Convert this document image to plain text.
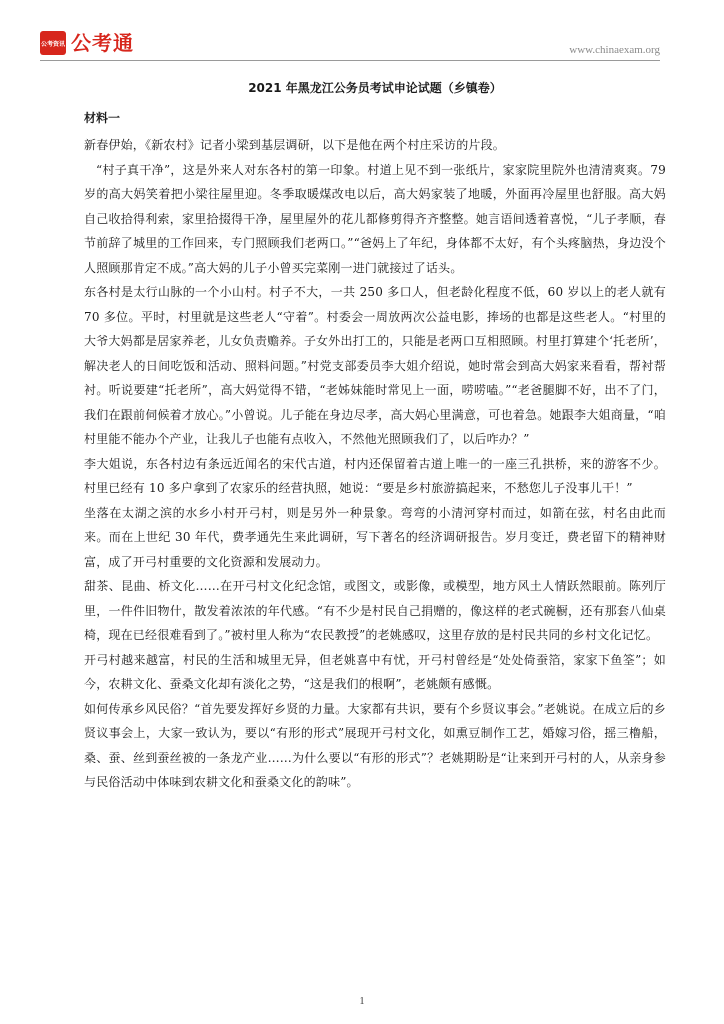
公考资讯 公考通	www.chinaexam.org
2021 年黑龙江公务员考试申论试题（乡镇卷）
材料一

新春伊始，《新农村》记者小梁到基层调研，以下是他在两个村庄采访的片段。

“村子真干净”，这是外来人对东各村的第一印象。村道上见不到一张纸片，家家院里院外也清清爽爽。79 岁的高大妈笑着把小梁往屋里迎。冬季取暖煤改电以后，高大妈家装了地暖，外面再冷屋里也舒服。高大妈自己收拾得利索，家里拾掇得干净，屋里屋外的花儿都修剪得齐齐整整。她言语间透着喜悦，“儿子孝顺，春节前辞了城里的工作回来，专门照顾我们老两口。”“爸妈上了年纪，身体都不太好，有个头疼脑热，身边没个人照顾那肯定不成。”高大妈的儿子小曾买完菜刚一进门就接过了话头。

东各村是太行山脉的一个小山村。村子不大，一共 250 多口人，但老龄化程度不低，60 岁以上的老人就有 70 多位。平时，村里就是这些老人“守着”。村委会一周放两次公益电影，捧场的也都是这些老人。“村里的大爷大妈都是居家养老，儿女负责赡养。子女外出打工的，只能是老两口互相照顾。村里打算建个‘托老所’，解决老人的日间吃饭和活动、照料问题。”村党支部委员李大姐介绍说，她时常会到高大妈家来看看，帮衬帮衬。听说要建“托老所”，高大妈觉得不错，“老姊妹能时常见上一面，唠唠嗑。”“老爸腿脚不好，出不了门，我们在跟前伺候着才放心。”小曾说。儿子能在身边尽孝，高大妈心里满意，可也着急。她跟李大姐商量，“咱村里能不能办个产业，让我儿子也能有点收入，不然他光照顾我们了，以后咋办？”

李大姐说，东各村边有条远近闻名的宋代古道，村内还保留着古道上唯一的一座三孔拱桥，来的游客不少。村里已经有 10 多户拿到了农家乐的经营执照，她说：“要是乡村旅游搞起来，不愁您儿子没事儿干！”

坐落在太湖之滨的水乡小村开弓村，则是另外一种景象。弯弯的小清河穿村而过，如箭在弦，村名由此而来。而在上世纪 30 年代，费孝通先生来此调研，写下著名的经济调研报告。岁月变迁，费老留下的精神财富，成了开弓村重要的文化资源和发展动力。

甜茶、昆曲、桥文化……在开弓村文化纪念馆，或图文，或影像，或模型，地方风土人情跃然眼前。陈列厅里，一件件旧物什，散发着浓浓的年代感。“有不少是村民自己捐赠的，像这样的老式碗橱，还有那套八仙桌椅，现在已经很难看到了。”被村里人称为“农民教授”的老姚感叹，这里存放的是村民共同的乡村文化记忆。

开弓村越来越富，村民的生活和城里无异，但老姚喜中有忧，开弓村曾经是“处处倚蚕箔，家家下鱼筌”；如今，农耕文化、蚕桑文化却有淡化之势，“这是我们的根啊”，老姚颇有感慨。

如何传承乡风民俗？“首先要发挥好乡贤的力量。大家都有共识，要有个乡贤议事会。”老姚说。在成立后的乡贤议事会上，大家一致认为，要以“有形的形式”展现开弓村文化，如熏豆制作工艺，婚嫁习俗，摇三橹船，桑、蚕、丝到蚕丝被的一条龙产业……为什么要以“有形的形式”？老姚期盼是“让来到开弓村的人，从亲身参与民俗活动中体味到农耕文化和蚕桑文化的韵味”。

1
